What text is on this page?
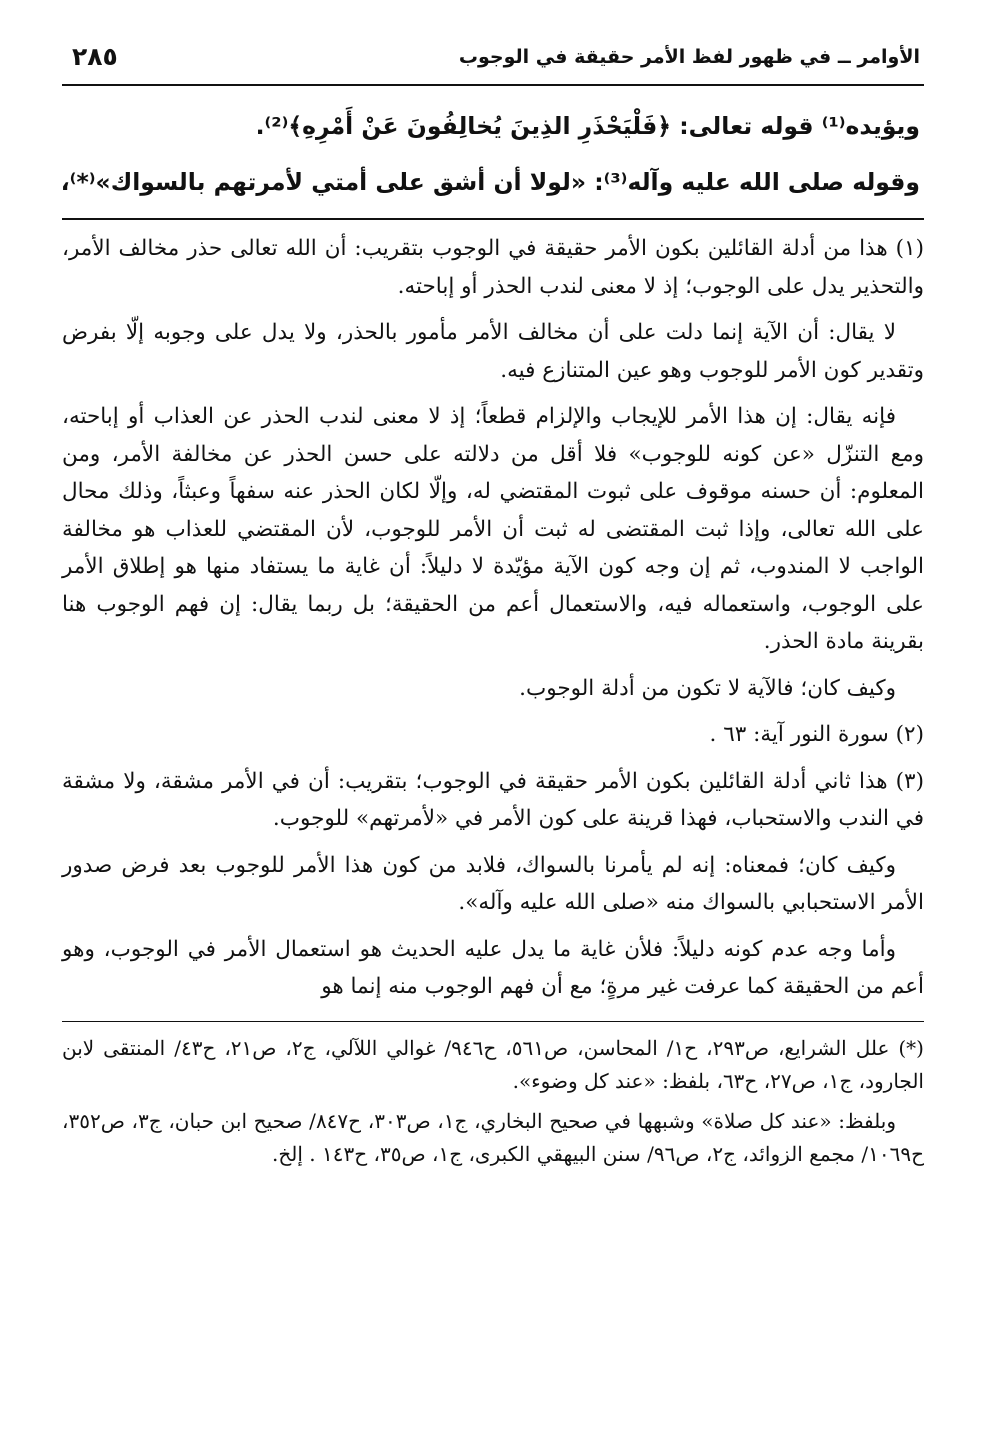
الأوامر ــ في ظهور لفظ الأمر حقيقة في الوجوب
٢٨٥
ويؤيده⁽¹⁾ قوله تعالى: ﴿فَلْيَحْذَرِ الذِينَ يُخالِفُونَ عَنْ أَمْرِهِ﴾⁽²⁾.
وقوله صلى الله عليه وآله⁽³⁾: «لولا أن أشق على أمتي لأمرتهم بالسواك»⁽*⁾،

(١) هذا من أدلة القائلين بكون الأمر حقيقة في الوجوب بتقريب: أن الله تعالى حذر مخالف الأمر، والتحذير يدل على الوجوب؛ إذ لا معنى لندب الحذر أو إباحته.

لا يقال: أن الآية إنما دلت على أن مخالف الأمر مأمور بالحذر، ولا يدل على وجوبه إلّا بفرض وتقدير كون الأمر للوجوب وهو عين المتنازع فيه.

فإنه يقال: إن هذا الأمر للإيجاب والإلزام قطعاً؛ إذ لا معنى لندب الحذر عن العذاب أو إباحته، ومع التنزّل «عن كونه للوجوب» فلا أقل من دلالته على حسن الحذر عن مخالفة الأمر، ومن المعلوم: أن حسنه موقوف على ثبوت المقتضي له، وإلّا لكان الحذر عنه سفهاً وعبثاً، وذلك محال على الله تعالى، وإذا ثبت المقتضى له ثبت أن الأمر للوجوب، لأن المقتضي للعذاب هو مخالفة الواجب لا المندوب، ثم إن وجه كون الآية مؤيّدة لا دليلاً: أن غاية ما يستفاد منها هو إطلاق الأمر على الوجوب، واستعماله فيه، والاستعمال أعم من الحقيقة؛ بل ربما يقال: إن فهم الوجوب هنا بقرينة مادة الحذر.

وكيف كان؛ فالآية لا تكون من أدلة الوجوب.

(٢) سورة النور آية: ٦٣ .

(٣) هذا ثاني أدلة القائلين بكون الأمر حقيقة في الوجوب؛ بتقريب: أن في الأمر مشقة، ولا مشقة في الندب والاستحباب، فهذا قرينة على كون الأمر في «لأمرتهم» للوجوب.

وكيف كان؛ فمعناه: إنه لم يأمرنا بالسواك، فلابد من كون هذا الأمر للوجوب بعد فرض صدور الأمر الاستحبابي بالسواك منه «صلى الله عليه وآله».

وأما وجه عدم كونه دليلاً: فلأن غاية ما يدل عليه الحديث هو استعمال الأمر في الوجوب، وهو أعم من الحقيقة كما عرفت غير مرةٍ؛ مع أن فهم الوجوب منه إنما هو

(*) علل الشرايع، ص٢٩٣، ح١/ المحاسن، ص٥٦١، ح٩٤٦/ غوالي اللآلي، ج٢، ص٢١، ح٤٣/ المنتقى لابن الجارود، ج١، ص٢٧، ح٦٣، بلفظ: «عند كل وضوء».

وبلفظ: «عند كل صلاة» وشبهها في صحيح البخاري، ج١، ص٣٠٣، ح٨٤٧/ صحيح ابن حبان، ج٣، ص٣٥٢، ح١٠٦٩/ مجمع الزوائد، ج٢، ص٩٦/ سنن البيهقي الكبرى، ج١، ص٣٥، ح١٤٣ . إلخ.
